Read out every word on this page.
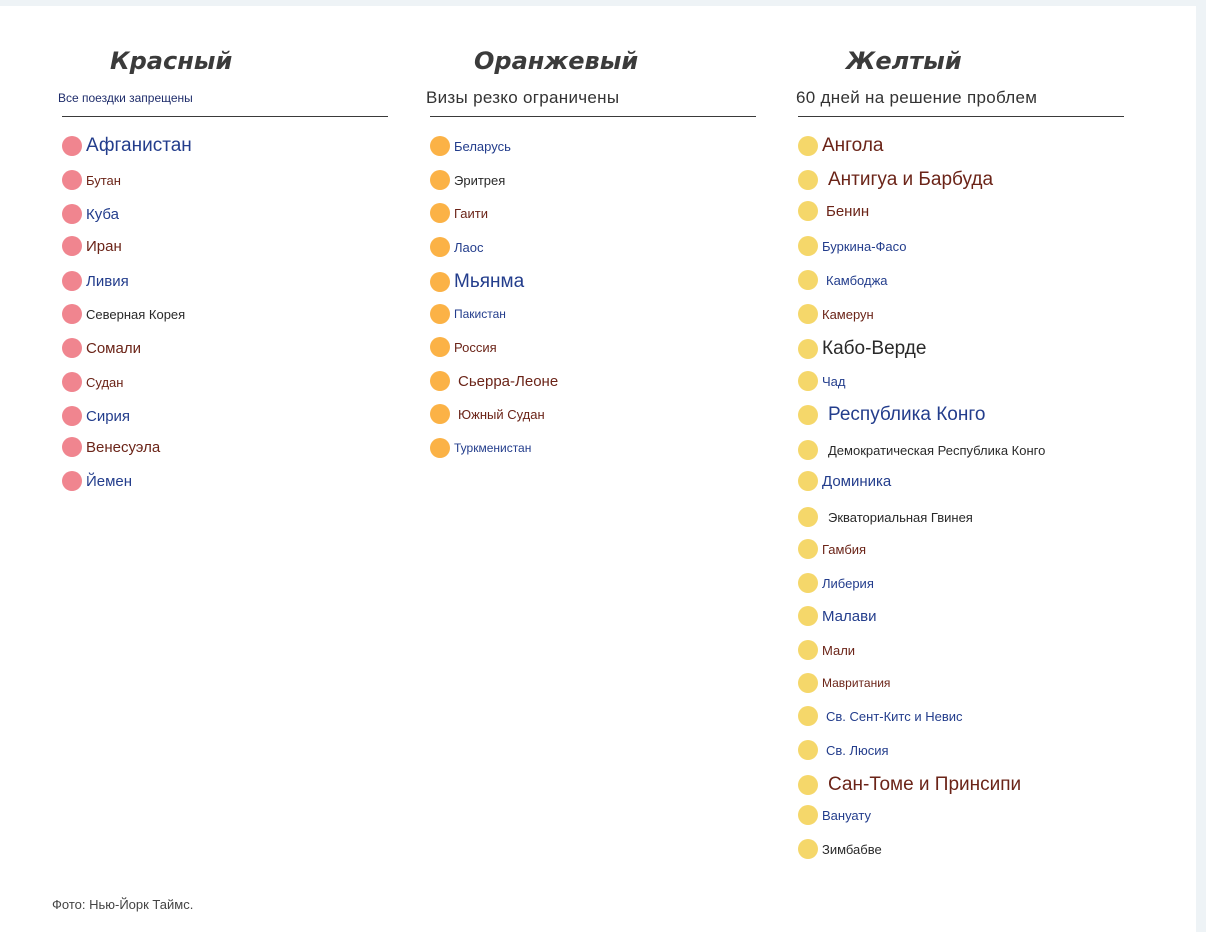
Красный
Все поездки запрещены
Афганистан
Бутан
Куба
Иран
Ливия
Северная Корея
Сомали
Судан
Сирия
Венесуэла
Йемен
Оранжевый
Визы резко ограничены
Беларусь
Эритрея
Гаити
Лаос
Мьянма
Пакистан
Россия
Сьерра-Леоне
Южный Судан
Туркменистан
Желтый
60 дней на решение проблем
Ангола
Антигуа и Барбуда
Бенин
Буркина-Фасо
Камбоджа
Камерун
Кабо-Верде
Чад
Республика Конго
Демократическая Республика Конго
Доминика
Экваториальная Гвинея
Гамбия
Либерия
Малави
Мали
Мавритания
Св. Сент-Китс и Невис
Св. Люсия
Сан-Томе и Принсипи
Вануату
Зимбабве
Фото: Нью-Йорк Таймс.
